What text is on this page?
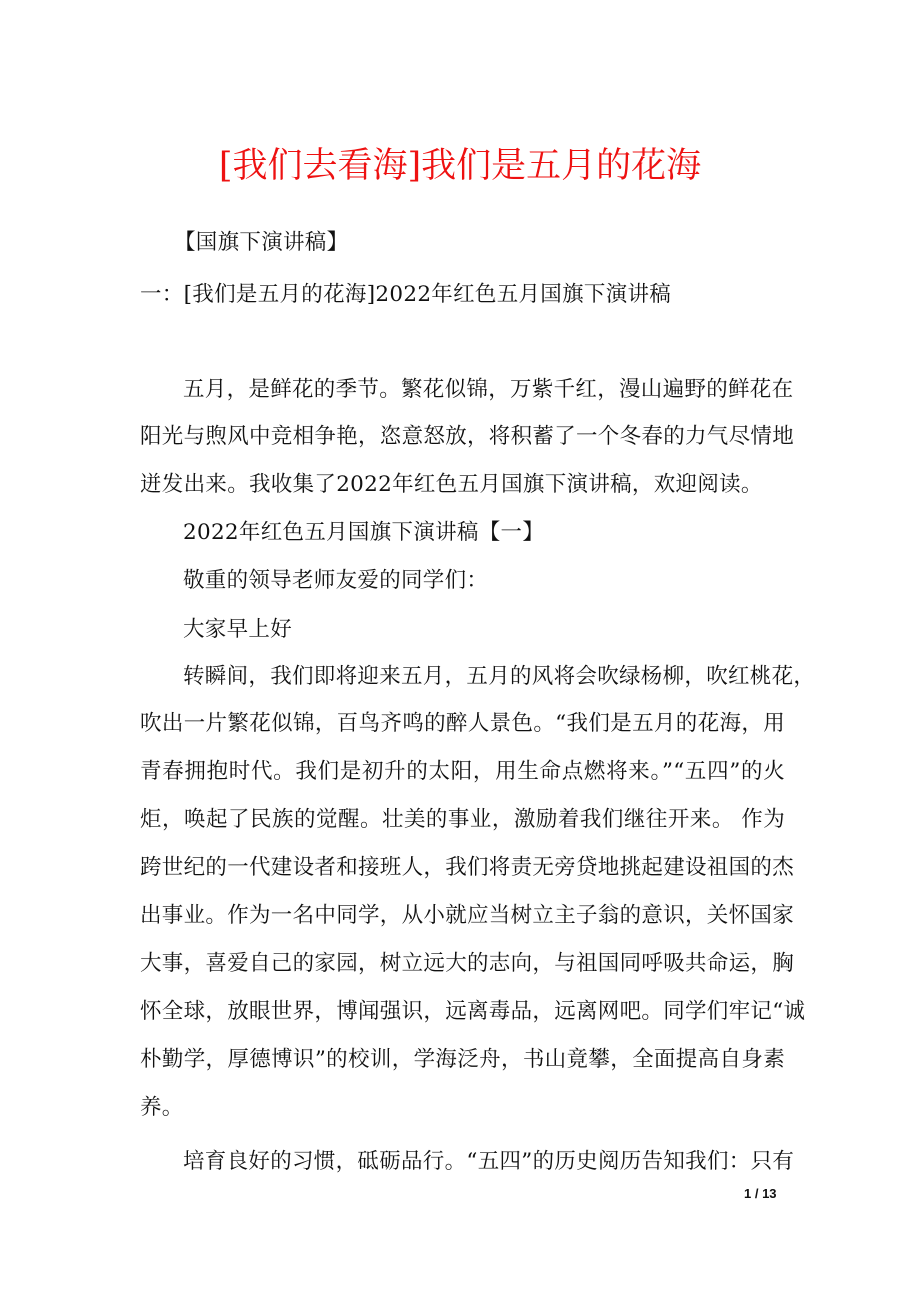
[我们去看海]我们是五月的花海
【国旗下演讲稿】
一：[我们是五月的花海]2022年红色五月国旗下演讲稿
五月，是鲜花的季节。繁花似锦，万紫千红，漫山遍野的鲜花在
阳光与煦风中竞相争艳，恣意怒放，将积蓄了一个冬春的力气尽情地
迸发出来。我收集了2022年红色五月国旗下演讲稿，欢迎阅读。
2022年红色五月国旗下演讲稿【一】
敬重的领导老师友爱的同学们：
大家早上好
转瞬间，我们即将迎来五月，五月的风将会吹绿杨柳，吹红桃花，
吹出一片繁花似锦，百鸟齐鸣的醉人景色。“我们是五月的花海，用
青春拥抱时代。我们是初升的太阳，用生命点燃将来。”“五四”的火
炬，唤起了民族的觉醒。壮美的事业，激励着我们继往开来。 作为
跨世纪的一代建设者和接班人，我们将责无旁贷地挑起建设祖国的杰
出事业。作为一名中同学，从小就应当树立主子翁的意识，关怀国家
大事，喜爱自己的家园，树立远大的志向，与祖国同呼吸共命运，胸
怀全球，放眼世界，博闻强识，远离毒品，远离网吧。同学们牢记“诚
朴勤学，厚德博识”的校训，学海泛舟，书山竟攀，全面提高自身素
养。
培育良好的习惯，砥砺品行。“五四”的历史阅历告知我们：只有
1 / 13
